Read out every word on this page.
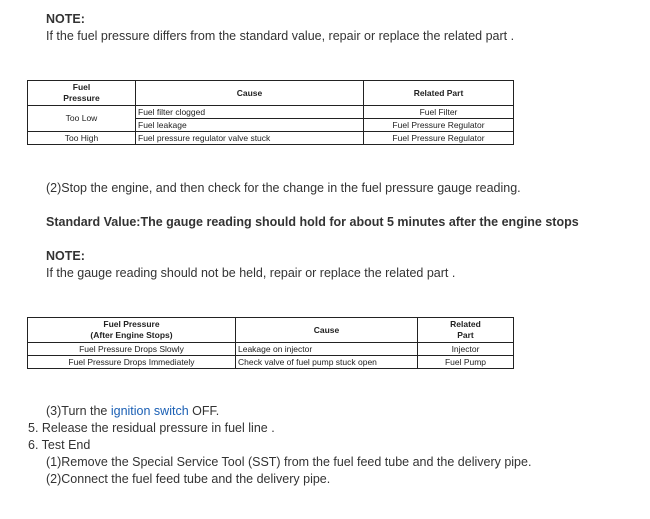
NOTE:
If the fuel pressure differs from the standard value, repair or replace the related part .
Fuel
Pressure	Cause	Related Part
Too Low	Fuel filter clogged	Fuel Filter
	Fuel leakage	Fuel Pressure Regulator
Too High	Fuel pressure regulator valve stuck	Fuel Pressure Regulator
(2)Stop the engine, and then check for the change in the fuel pressure gauge reading.
Standard Value:The gauge reading should hold for about 5 minutes after the engine stops
NOTE:
If the gauge reading should not be held, repair or replace the related part .
Fuel Pressure
(After Engine Stops)	Cause	Related
Part
Fuel Pressure Drops Slowly	Leakage on injector	Injector
Fuel Pressure Drops Immediately	Check valve of fuel pump stuck open	Fuel Pump
(3)Turn the ignition switch OFF.
5. Release the residual pressure in fuel line .
6. Test End
(1)Remove the Special Service Tool (SST) from the fuel feed tube and the delivery pipe.
(2)Connect the fuel feed tube and the delivery pipe.
